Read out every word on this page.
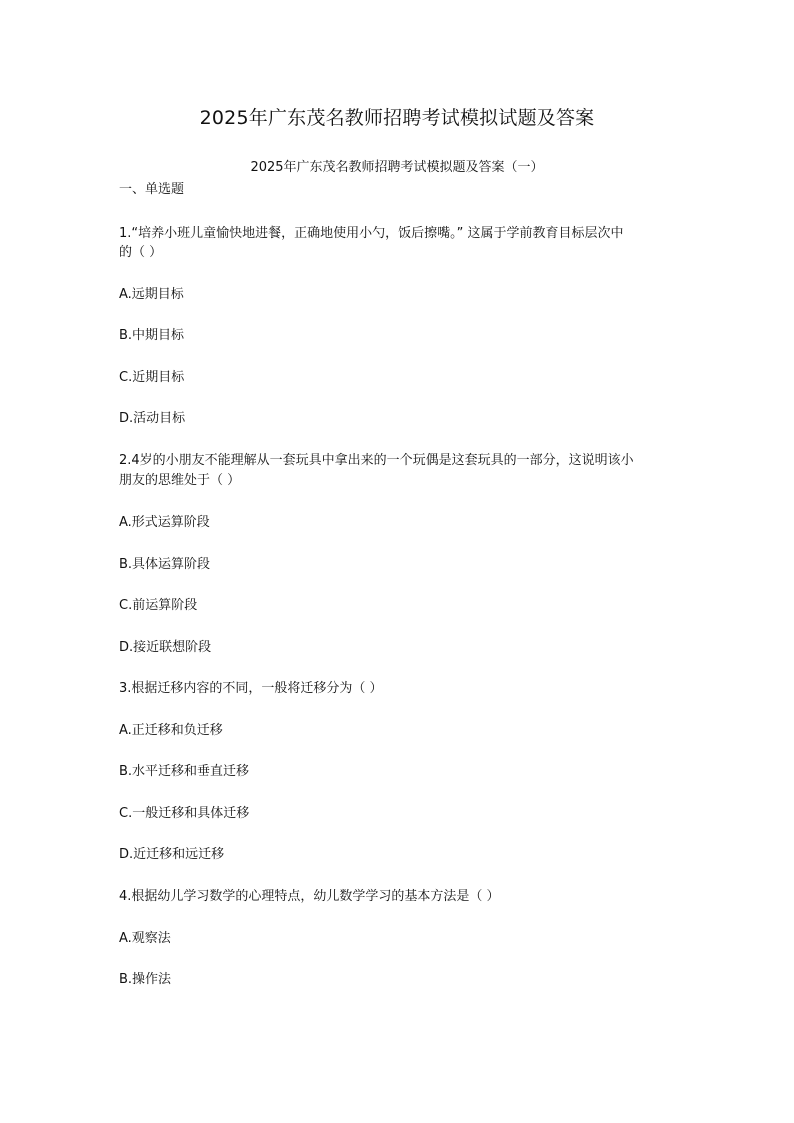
2025年广东茂名教师招聘考试模拟试题及答案
2025年广东茂名教师招聘考试模拟题及答案（一）
一、单选题
1.“培养小班儿童愉快地进餐，正确地使用小勺，饭后擦嘴。” 这属于学前教育目标层次中
的（ ）
A.远期目标
B.中期目标
C.近期目标
D.活动目标
2.4岁的小朋友不能理解从一套玩具中拿出来的一个玩偶是这套玩具的一部分，这说明该小
朋友的思维处于（ ）
A.形式运算阶段
B.具体运算阶段
C.前运算阶段
D.接近联想阶段
3.根据迁移内容的不同，一般将迁移分为（ ）
A.正迁移和负迁移
B.水平迁移和垂直迁移
C.一般迁移和具体迁移
D.近迁移和远迁移
4.根据幼儿学习数学的心理特点，幼儿数学学习的基本方法是（ ）
A.观察法
B.操作法
